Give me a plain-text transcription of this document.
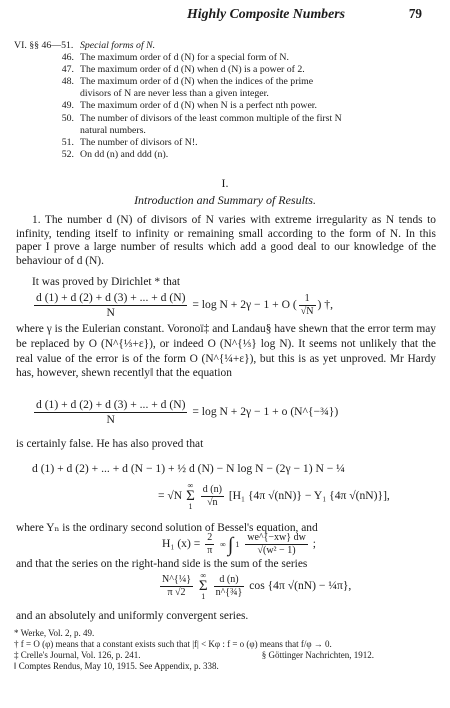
Highly Composite Numbers	79
VI. §§ 46—51. Special forms of N.
46. The maximum order of d (N) for a special form of N.
47. The maximum order of d (N) when d (N) is a power of 2.
48. The maximum order of d (N) when the indices of the prime
divisors of N are never less than a given integer.
49. The maximum order of d (N) when N is a perfect nth power.
50. The number of divisors of the least common multiple of the first N
natural numbers.
51. The number of divisors of N!.
52. On dd (n) and ddd (n).
I.
Introduction and Summary of Results.
1. The number d (N) of divisors of N varies with extreme irregularity as N tends to infinity, tending itself to infinity or remaining small according to the form of N. In this paper I prove a large number of results which add a good deal to our knowledge of the behaviour of d (N).
It was proved by Dirichlet * that
$\frac{d (1) + d (2) + d (3) + ... + d (N)}{N} = \log N + 2\gamma - 1 + O$ ( $\frac{1}{√N}$ ) †,
where γ is the Eulerian constant. Voronoï‡ and Landau§ have shewn that the error term may be replaced by O (N^{⅓+ε}), or indeed O (N^{⅓} log N). It seems not unlikely that the real value of the error is of the form O (N^{¼+ε}), but this is as yet unproved. Mr Hardy has, however, shewn recently‖ that the equation
$\frac{d (1) + d (2) + d (3) + ... + d (N)}{N} = \log N + 2\gamma - 1 + o$ (N^{−¾})
is certainly false. He has also proved that
d (1) + d (2) + ... + d (N − 1) + ½ d (N) − N log N − (2γ − 1) N − ¼
= √N ∞
Σ
$1 \frac{d (n)}{√n} [H_1$ {4π √(nN)} − Y₁ {4π √(nN)}],
where Yₙ is the ordinary second solution of Bessel's equation, and
H₁ $(x) = \frac{2}{\pi}$ ∞ ∫ $1 \frac{we\^{}\{-xw\} dw}{\text{√(w² − 1)}}$ ;
and that the series on the right-hand side is the sum of the series
$\frac{\text{N\textasciicircum{}\{¼\}}}{\pi √2}$ ∞
Σ
$1 \frac{d (n)}{\text{n\textasciicircum{}\{¾\}}}$ cos {4π √(nN) − ¼π},
and an absolutely and uniformly convergent series.
* Werke, Vol. 2, p. 49.
† f = O (φ) means that a constant exists such that |f| < Kφ : f = o (φ) means that f/φ → 0.
‡ Crelle's Journal, Vol. 126, p. 241.	§ Göttinger Nachrichten, 1912.
‖ Comptes Rendus, May 10, 1915. See Appendix, p. 338.
